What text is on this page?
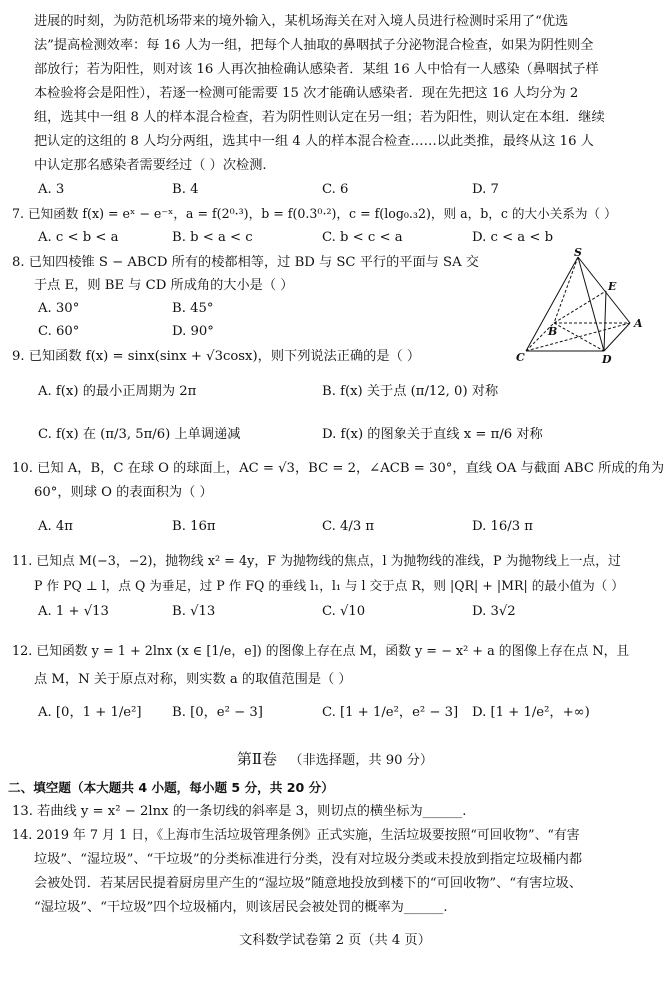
进展的时刻，为防范机场带来的境外输入，某机场海关在对入境人员进行检测时采用了“优选
法”提高检测效率：每 16 人为一组，把每个人抽取的鼻咽拭子分泌物混合检查，如果为阴性则全
部放行；若为阳性，则对该 16 人再次抽检确认感染者．某组 16 人中恰有一人感染（鼻咽拭子样
本检验将会是阳性），若逐一检测可能需要 15 次才能确认感染者．现在先把这 16 人均分为 2
组，选其中一组 8 人的样本混合检查，若为阴性则认定在另一组；若为阳性，则认定在本组．继续
把认定的这组的 8 人均分两组，选其中一组 4 人的样本混合检查……以此类推，最终从这 16 人
中认定那名感染者需要经过（ ）次检测.
A. 3	B. 4	C. 6	D. 7
7. 已知函数 f(x) = eˣ − e⁻ˣ，a = f(2⁰·³)，b = f(0.3⁰·²)，c = f(log₀.₃2)，则 a，b，c 的大小关系为（ ）
A. c < b < a	B. b < a < c	C. b < c < a	D. c < a < b
8. 已知四棱锥 S − ABCD 所有的棱都相等，过 BD 与 SC 平行的平面与 SA 交
于点 E，则 BE 与 CD 所成角的大小是（ ）
A. 30°	B. 45°
C. 60°	D. 90°
S
E
A
B
C	D
9. 已知函数 f(x) = sinx(sinx + √3cosx)，则下列说法正确的是（ ）
A. f(x) 的最小正周期为 2π	B. f(x) 关于点 (π/12, 0) 对称
C. f(x) 在 (π/3, 5π/6) 上单调递减	D. f(x) 的图象关于直线 x = π/6 对称
10. 已知 A，B，C 在球 O 的球面上，AC = √3，BC = 2，∠ACB = 30°，直线 OA 与截面 ABC 所成的角为
60°，则球 O 的表面积为（ ）
A. 4π	B. 16π	C. 4/3 π	D. 16/3 π
11. 已知点 M(−3，−2)，抛物线 x² = 4y，F 为抛物线的焦点，l 为抛物线的准线，P 为抛物线上一点，过
P 作 PQ ⊥ l，点 Q 为垂足，过 P 作 FQ 的垂线 l₁，l₁ 与 l 交于点 R，则 |QR| + |MR| 的最小值为（ ）
A. 1 + √13	B. √13	C. √10	D. 3√2
12. 已知函数 y = 1 + 2lnx (x ∈ [1/e，e]) 的图像上存在点 M，函数 y = − x² + a 的图像上存在点 N，且
点 M，N 关于原点对称，则实数 a 的取值范围是（ ）
A. [0，1 + 1/e²] B. [0，e² − 3]	C. [1 + 1/e²，e² − 3] D. [1 + 1/e²，+∞)
第Ⅱ卷 （非选择题，共 90 分）
二、填空题（本大题共 4 小题，每小题 5 分，共 20 分）
13. 若曲线 y = x² − 2lnx 的一条切线的斜率是 3，则切点的横坐标为______.
14. 2019 年 7 月 1 日，《上海市生活垃圾管理条例》正式实施，生活垃圾要按照“可回收物”、“有害
垃圾”、“湿垃圾”、“干垃圾”的分类标准进行分类，没有对垃圾分类或未投放到指定垃圾桶内都
会被处罚．若某居民提着厨房里产生的“湿垃圾”随意地投放到楼下的“可回收物”、“有害垃圾、
“湿垃圾”、“干垃圾”四个垃圾桶内，则该居民会被处罚的概率为______.
文科数学试卷第 2 页（共 4 页）
